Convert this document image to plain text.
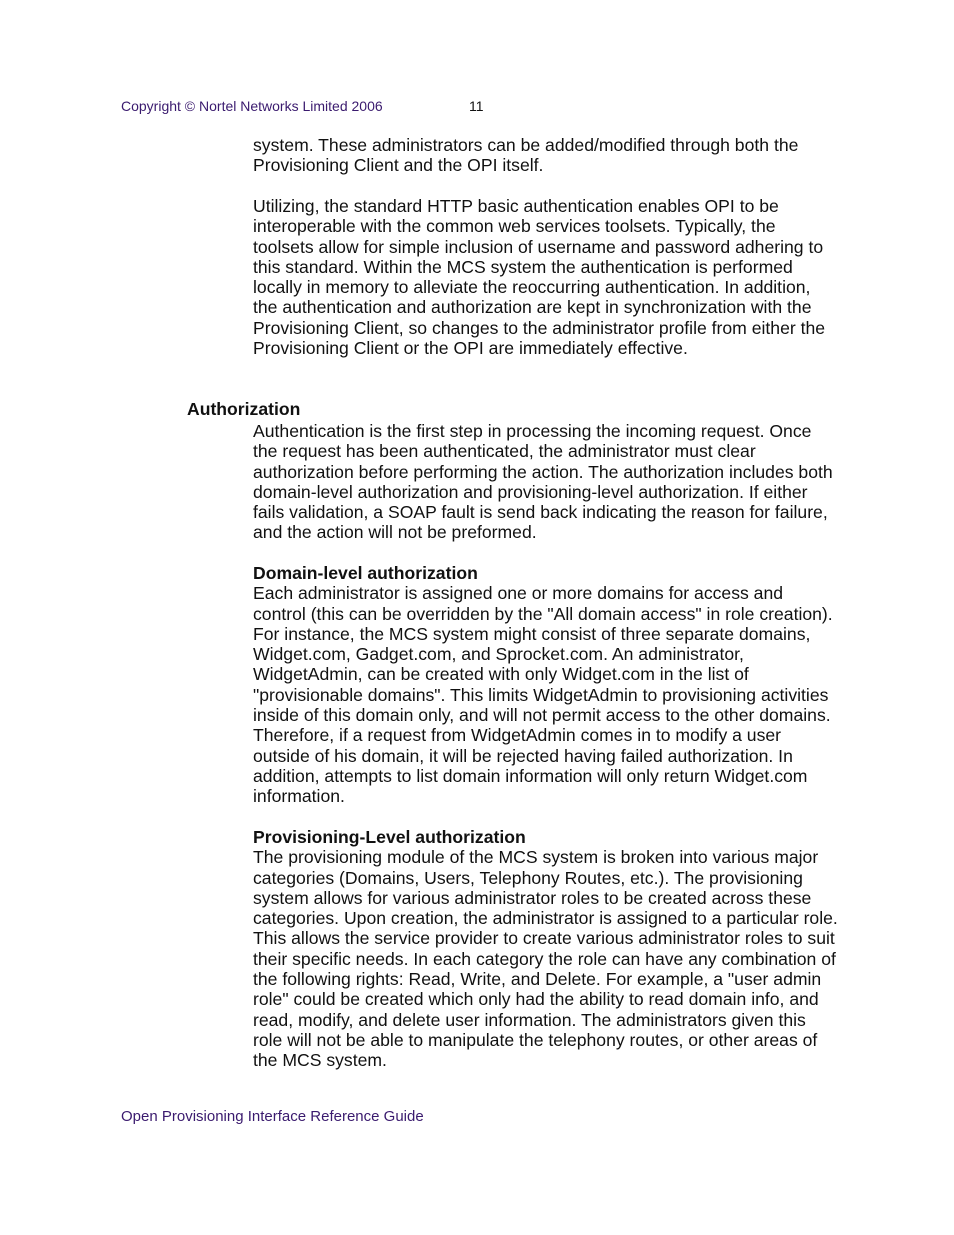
Copyright © Nortel Networks Limited 2006	11

system. These administrators can be added/modified through both the Provisioning Client and the OPI itself.

Utilizing, the standard HTTP basic authentication enables OPI to be interoperable with the common web services toolsets. Typically, the toolsets allow for simple inclusion of username and password adhering to this standard. Within the MCS system the authentication is performed locally in memory to alleviate the reoccurring authentication. In addition, the authentication and authorization are kept in synchronization with the Provisioning Client, so changes to the administrator profile from either the Provisioning Client or the OPI are immediately effective.

Authorization

Authentication is the first step in processing the incoming request. Once the request has been authenticated, the administrator must clear authorization before performing the action. The authorization includes both domain-level authorization and provisioning-level authorization. If either fails validation, a SOAP fault is send back indicating the reason for failure, and the action will not be preformed.

Domain-level authorization
Each administrator is assigned one or more domains for access and control (this can be overridden by the "All domain access" in role creation). For instance, the MCS system might consist of three separate domains, Widget.com, Gadget.com, and Sprocket.com. An administrator, WidgetAdmin, can be created with only Widget.com in the list of "provisionable domains". This limits WidgetAdmin to provisioning activities inside of this domain only, and will not permit access to the other domains. Therefore, if a request from WidgetAdmin comes in to modify a user outside of his domain, it will be rejected having failed authorization. In addition, attempts to list domain information will only return Widget.com information.
Provisioning-Level authorization
The provisioning module of the MCS system is broken into various major categories (Domains, Users, Telephony Routes, etc.). The provisioning system allows for various administrator roles to be created across these categories. Upon creation, the administrator is assigned to a particular role. This allows the service provider to create various administrator roles to suit their specific needs. In each category the role can have any combination of the following rights: Read, Write, and Delete. For example, a "user admin role" could be created which only had the ability to read domain info, and read, modify, and delete user information. The administrators given this role will not be able to manipulate the telephony routes, or other areas of the MCS system.
Open Provisioning Interface Reference Guide
